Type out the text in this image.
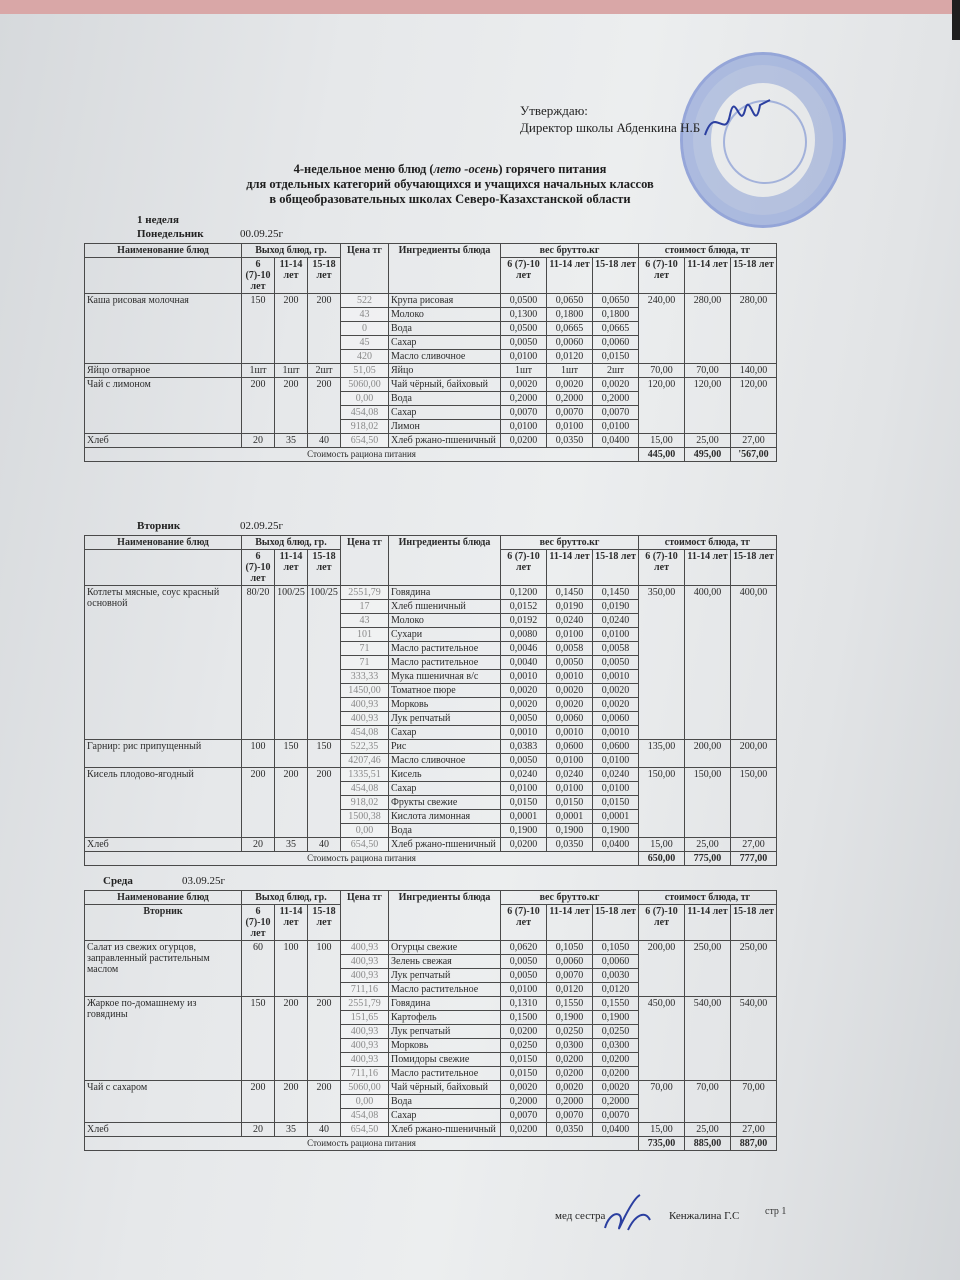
Утверждаю:
Директор школы Абденкина Н.Б
4-недельное меню блюд (лето -осень) горячего питания
для отдельных категорий обучающихся и учащихся начальных классов
в общеобразовательных школах Северо-Казахстанской области
1 неделя
Понедельник	00.09.25г
Наименование блюд	Выход блюд, гр.			Цена тг	Ингредиенты блюда	вес брутто.кг			стоимост блюда, тг		
	6 (7)-10 лет	11-14 лет	15-18 лет			6 (7)-10 лет	11-14 лет	15-18 лет	6 (7)-10 лет	11-14 лет	15-18 лет
Каша рисовая молочная	150	200	200	522	Крупа рисовая	0,0500	0,0650	0,0650	240,00	280,00	280,00
				43	Молоко	0,1300	0,1800	0,1800			
				0	Вода	0,0500	0,0665	0,0665			
				45	Сахар	0,0050	0,0060	0,0060			
				420	Масло сливочное	0,0100	0,0120	0,0150			
Яйцо отварное	1шт	1шт	2шт	51,05	Яйцо	1шт	1шт	2шт	70,00	70,00	140,00
Чай с лимоном	200	200	200	5060,00	Чай чёрный, байховый	0,0020	0,0020	0,0020	120,00	120,00	120,00
				0,00	Вода	0,2000	0,2000	0,2000			
				454,08	Сахар	0,0070	0,0070	0,0070			
				918,02	Лимон	0,0100	0,0100	0,0100			
Хлеб	20	35	40	654,50	Хлеб ржано-пшеничный	0,0200	0,0350	0,0400	15,00	25,00	27,00
Стоимость рациона питания									445,00	495,00	'567,00
Вторник	02.09.25г
Наименование блюд	Выход блюд, гр.			Цена тг	Ингредиенты блюда	вес брутто.кг			стоимост блюда, тг		
	6 (7)-10 лет	11-14 лет	15-18 лет			6 (7)-10 лет	11-14 лет	15-18 лет	6 (7)-10 лет	11-14 лет	15-18 лет
Котлеты мясные, соус красный основной	80/20	100/25	100/25	2551,79	Говядина	0,1200	0,1450	0,1450	350,00	400,00	400,00
				17	Хлеб пшеничный	0,0152	0,0190	0,0190			
				43	Молоко	0,0192	0,0240	0,0240			
				101	Сухари	0,0080	0,0100	0,0100			
				71	Масло растительное	0,0046	0,0058	0,0058			
				71	Масло растительное	0,0040	0,0050	0,0050			
				333,33	Мука пшеничная в/с	0,0010	0,0010	0,0010			
				1450,00	Томатное пюре	0,0020	0,0020	0,0020			
				400,93	Морковь	0,0020	0,0020	0,0020			
				400,93	Лук репчатый	0,0050	0,0060	0,0060			
				454,08	Сахар	0,0010	0,0010	0,0010			
Гарнир: рис припущенный	100	150	150	522,35	Рис	0,0383	0,0600	0,0600	135,00	200,00	200,00
				4207,46	Масло сливочное	0,0050	0,0100	0,0100			
Кисель плодово-ягодный	200	200	200	1335,51	Кисель	0,0240	0,0240	0,0240	150,00	150,00	150,00
				454,08	Сахар	0,0100	0,0100	0,0100			
				918,02	Фрукты свежие	0,0150	0,0150	0,0150			
				1500,38	Кислота лимонная	0,0001	0,0001	0,0001			
				0,00	Вода	0,1900	0,1900	0,1900			
Хлеб	20	35	40	654,50	Хлеб ржано-пшеничный	0,0200	0,0350	0,0400	15,00	25,00	27,00
Стоимость рациона питания									650,00	775,00	777,00
Среда	03.09.25г
Наименование блюд	Выход блюд, гр.			Цена тг	Ингредиенты блюда	вес брутто.кг			стоимост блюда, тг		
Вторник	6 (7)-10 лет	11-14 лет	15-18 лет			6 (7)-10 лет	11-14 лет	15-18 лет	6 (7)-10 лет	11-14 лет	15-18 лет
Салат из свежих огурцов, заправленный растительным маслом	60	100	100	400,93	Огурцы свежие	0,0620	0,1050	0,1050	200,00	250,00	250,00
				400,93	Зелень свежая	0,0050	0,0060	0,0060			
				400,93	Лук репчатый	0,0050	0,0070	0,0030			
				711,16	Масло растительное	0,0100	0,0120	0,0120			
Жаркое по-домашнему из говядины	150	200	200	2551,79	Говядина	0,1310	0,1550	0,1550	450,00	540,00	540,00
				151,65	Картофель	0,1500	0,1900	0,1900			
				400,93	Лук репчатый	0,0200	0,0250	0,0250			
				400,93	Морковь	0,0250	0,0300	0,0300			
				400,93	Помидоры свежие	0,0150	0,0200	0,0200			
				711,16	Масло растительное	0,0150	0,0200	0,0200			
Чай с сахаром	200	200	200	5060,00	Чай чёрный, байховый	0,0020	0,0020	0,0020	70,00	70,00	70,00
				0,00	Вода	0,2000	0,2000	0,2000			
				454,08	Сахар	0,0070	0,0070	0,0070			
Хлеб	20	35	40	654,50	Хлеб ржано-пшеничный	0,0200	0,0350	0,0400	15,00	25,00	27,00
Стоимость рациона питания									735,00	885,00	887,00
мед сестра	Кенжалина Г.С	стр 1
